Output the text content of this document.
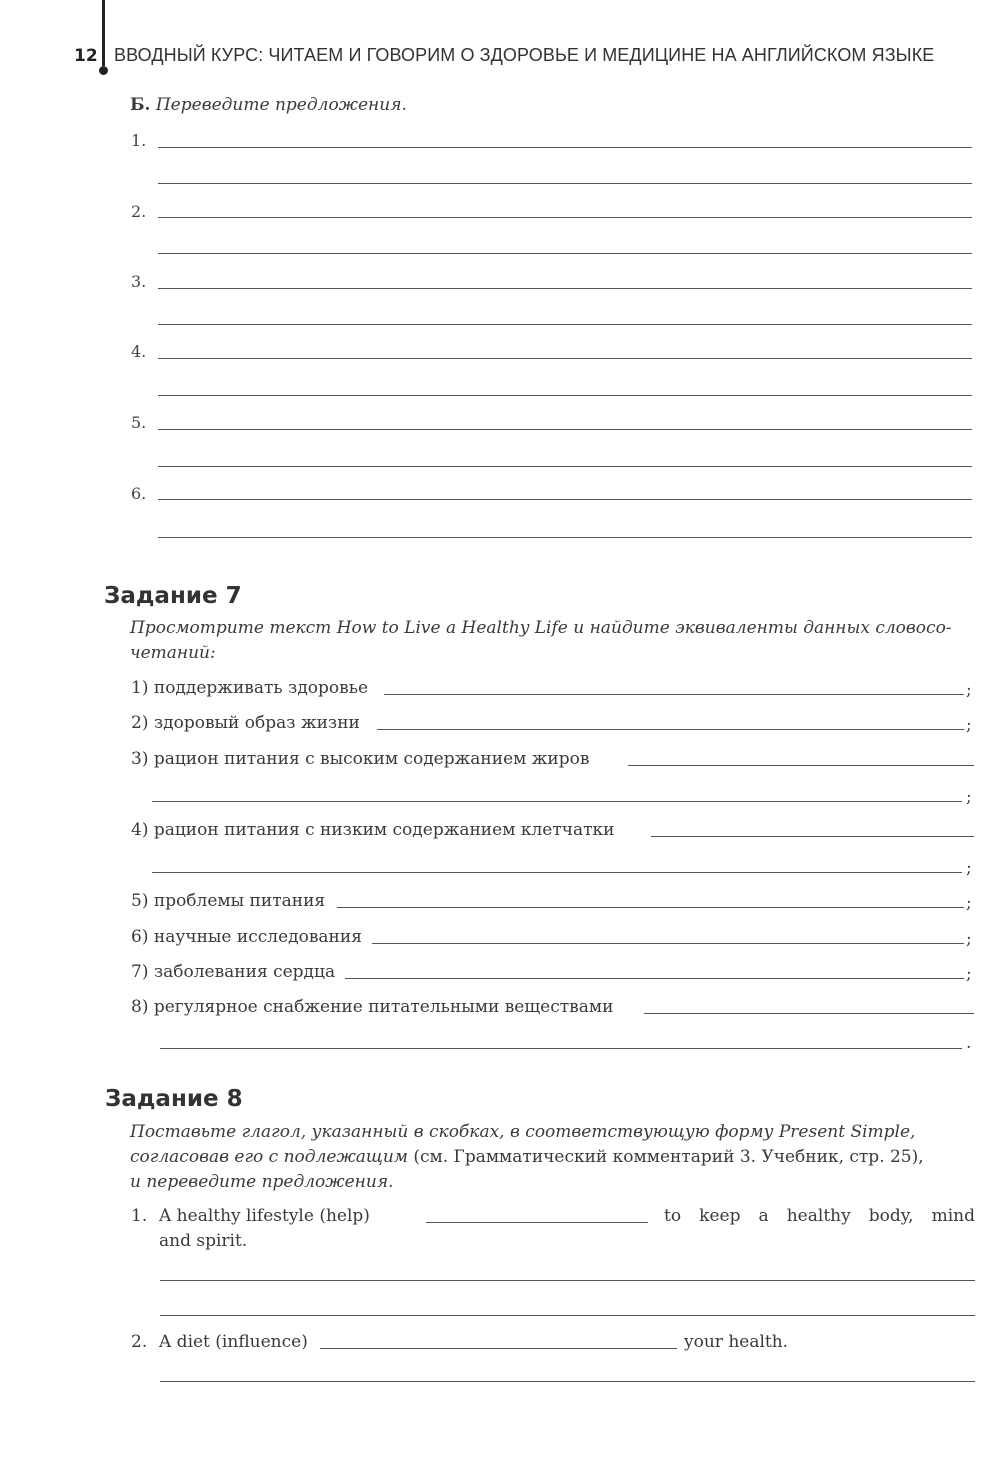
12 ВВОДНЫЙ КУРС: ЧИТАЕМ И ГОВОРИМ О ЗДОРОВЬЕ И МЕДИЦИНЕ НА АНГЛИЙСКОМ ЯЗЫКЕ
Б. Переведите предложения.
1.
2.
3.
4.
5.
6.
Задание 7
Просмотрите текст How to Live a Healthy Life и найдите эквиваленты данных словосо-
четаний:
1) поддерживать здоровье	;
2) здоровый образ жизни	;
3) рацион питания с высоким содержанием жиров
;
4) рацион питания с низким содержанием клетчатки
;
5) проблемы питания	;
6) научные исследования	;
7) заболевания сердца	;
8) регулярное снабжение питательными веществами
.
Задание 8
Поставьте глагол, указанный в скобках, в соответствующую форму Present Simple,
согласовав его с подлежащим (см. Грамматический комментарий 3. Учебник, стр. 25),
и переведите предложения.
1. A healthy lifestyle (help)	to keep a healthy body, mind
and spirit.
2. A diet (influence)	your health.
